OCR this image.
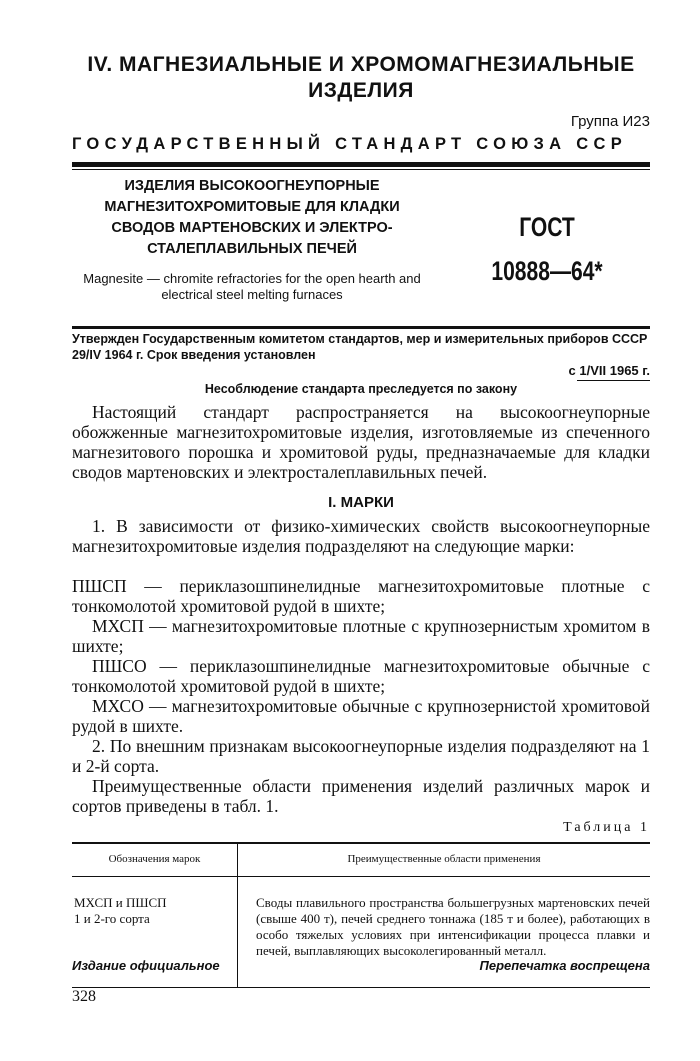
IV. МАГНЕЗИАЛЬНЫЕ И ХРОМОМАГНЕЗИАЛЬНЫЕ ИЗДЕЛИЯ
Группа И23
ГОСУДАРСТВЕННЫЙ СТАНДАРТ СОЮЗА ССР
ИЗДЕЛИЯ ВЫСОКООГНЕУПОРНЫЕ МАГНЕЗИТОХРОМИТОВЫЕ ДЛЯ КЛАДКИ СВОДОВ МАРТЕНОВСКИХ И ЭЛЕКТРО- СТАЛЕПЛАВИЛЬНЫХ ПЕЧЕЙ
Magnesite — chromite refractories for the open hearth and electrical steel melting furnaces
ГОСТ
10888—64*
Утвержден Государственным комитетом стандартов, мер и измерительных приборов СССР 29/IV 1964 г. Срок введения установлен
с 1/VII 1965 г.
Несоблюдение стандарта преследуется по закону
Настоящий стандарт распространяется на высокоогнеупорные обожженные магнезитохромитовые изделия, изготовляемые из спеченного магнезитового порошка и хромитовой руды, предназначаемые для кладки сводов мартеновских и электросталеплавильных печей.
I. МАРКИ
1. В зависимости от физико-химических свойств высокоогнеупорные магнезитохромитовые изделия подразделяют на следующие марки:
ПШСП — периклазошпинелидные магнезитохромитовые плотные с тонкомолотой хромитовой рудой в шихте;
МХСП — магнезитохромитовые плотные с крупнозернистым хромитом в шихте;
ПШСО — периклазошпинелидные магнезитохромитовые обычные с тонкомолотой хромитовой рудой в шихте;
МХСО — магнезитохромитовые обычные с крупнозернистой хромитовой рудой в шихте.
2. По внешним признакам высокоогнеупорные изделия подразделяют на 1 и 2-й сорта.
Преимущественные области применения изделий различных марок и сортов приведены в табл. 1.
Таблица 1
Обозначения марок	Преимущественные области применения
МХСП и ПШСП
1 и 2-го сорта
Своды плавильного пространства большегрузных мартеновских печей (свыше 400 т), печей среднего тоннажа (185 т и более), работающих в особо тяжелых условиях при интенсификации процесса плавки и печей, выплавляющих высоколегированный металл.
Издание официальное	Перепечатка воспрещена
328
